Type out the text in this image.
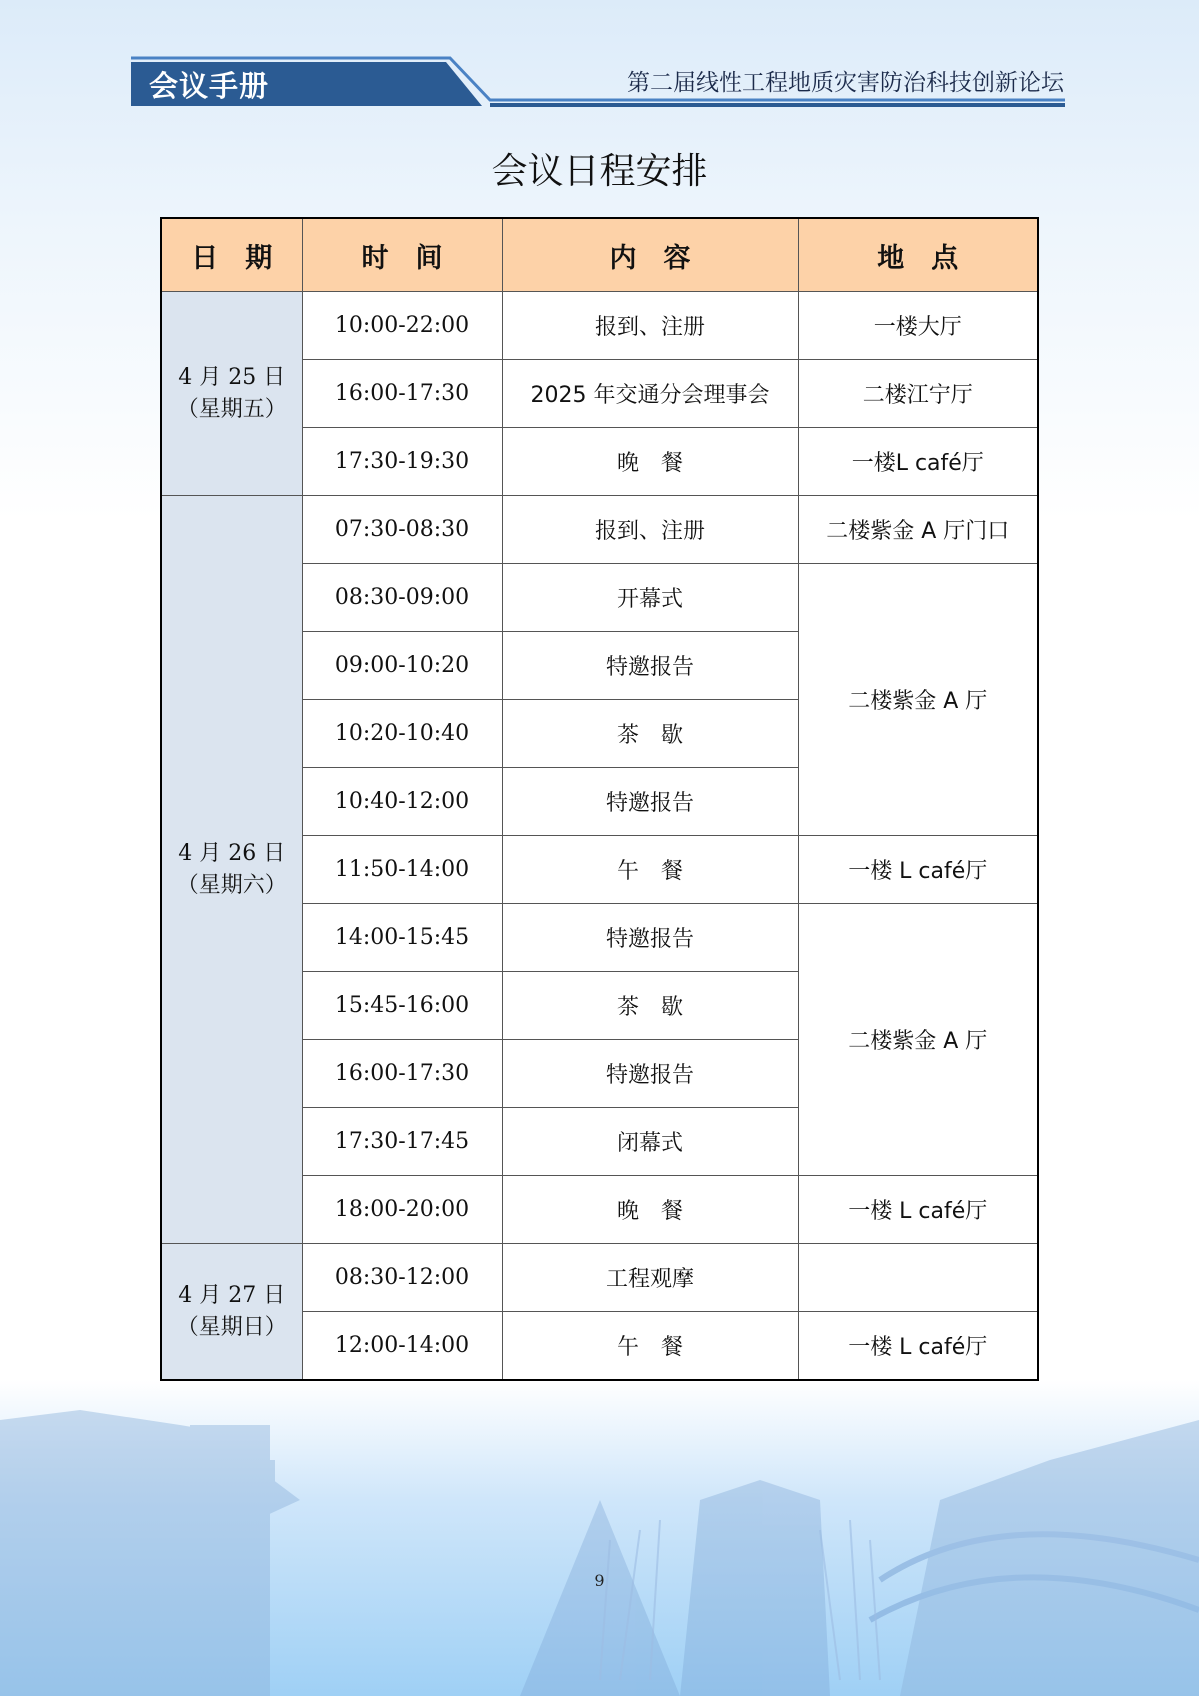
会议手册	第二届线性工程地质灾害防治科技创新论坛
会议日程安排
日　期	时　间	内　容	地　点

4 月 25 日
（星期五）	10:00-22:00	报到、注册	一楼大厅
	16:00-17:30	2025 年交通分会理事会	二楼江宁厅
	17:30-19:30	晚　餐	一楼L café厅

4 月 26 日
（星期六）	07:30-08:30	报到、注册	二楼紫金 A 厅门口
	08:30-09:00	开幕式	二楼紫金 A 厅
	09:00-10:20	特邀报告	
	10:20-10:40	茶　歇	
	10:40-12:00	特邀报告	
	11:50-14:00	午　餐	一楼 L café厅
	14:00-15:45	特邀报告	二楼紫金 A 厅
	15:45-16:00	茶　歇	
	16:00-17:30	特邀报告	
	17:30-17:45	闭幕式	
	18:00-20:00	晚　餐	一楼 L café厅

4 月 27 日
（星期日）	08:30-12:00	工程观摩	
	12:00-14:00	午　餐	一楼 L café厅
9
